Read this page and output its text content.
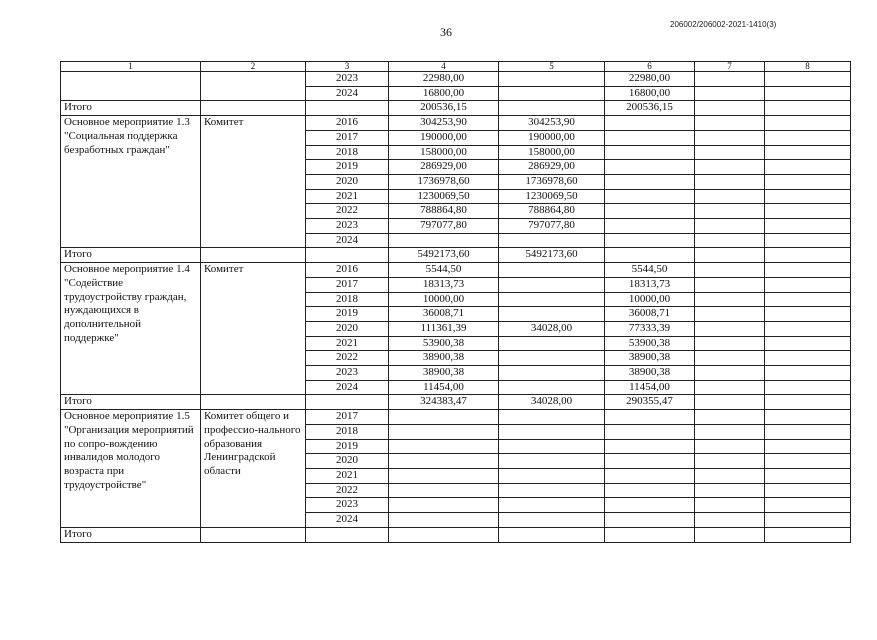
36
206002/206002-2021-1410(3)
1	2	3	4	5	6	7	8
		2023	22980,00		22980,00		
		2024	16800,00		16800,00		
Итого			200536,15		200536,15		
Основное мероприятие 1.3 "Социальная поддержка безработных граждан"	Комитет	2016	304253,90	304253,90			
		2017	190000,00	190000,00			
		2018	158000,00	158000,00			
		2019	286929,00	286929,00			
		2020	1736978,60	1736978,60			
		2021	1230069,50	1230069,50			
		2022	788864,80	788864,80			
		2023	797077,80	797077,80			
		2024					
Итого			5492173,60	5492173,60			
Основное мероприятие 1.4 "Содействие трудоустройству граждан, нуждающихся в дополнительной поддержке"	Комитет	2016	5544,50		5544,50		
		2017	18313,73		18313,73		
		2018	10000,00		10000,00		
		2019	36008,71		36008,71		
		2020	111361,39	34028,00	77333,39		
		2021	53900,38		53900,38		
		2022	38900,38		38900,38		
		2023	38900,38		38900,38		
		2024	11454,00		11454,00		
Итого			324383,47	34028,00	290355,47		
Основное мероприятие 1.5 "Организация мероприятий по сопро-вождению инвалидов молодого возраста при трудоустройстве"	Комитет общего и профессио-нального образования Ленинградской области	2017					
		2018					
		2019					
		2020					
		2021					
		2022					
		2023					
		2024					
Итого							
